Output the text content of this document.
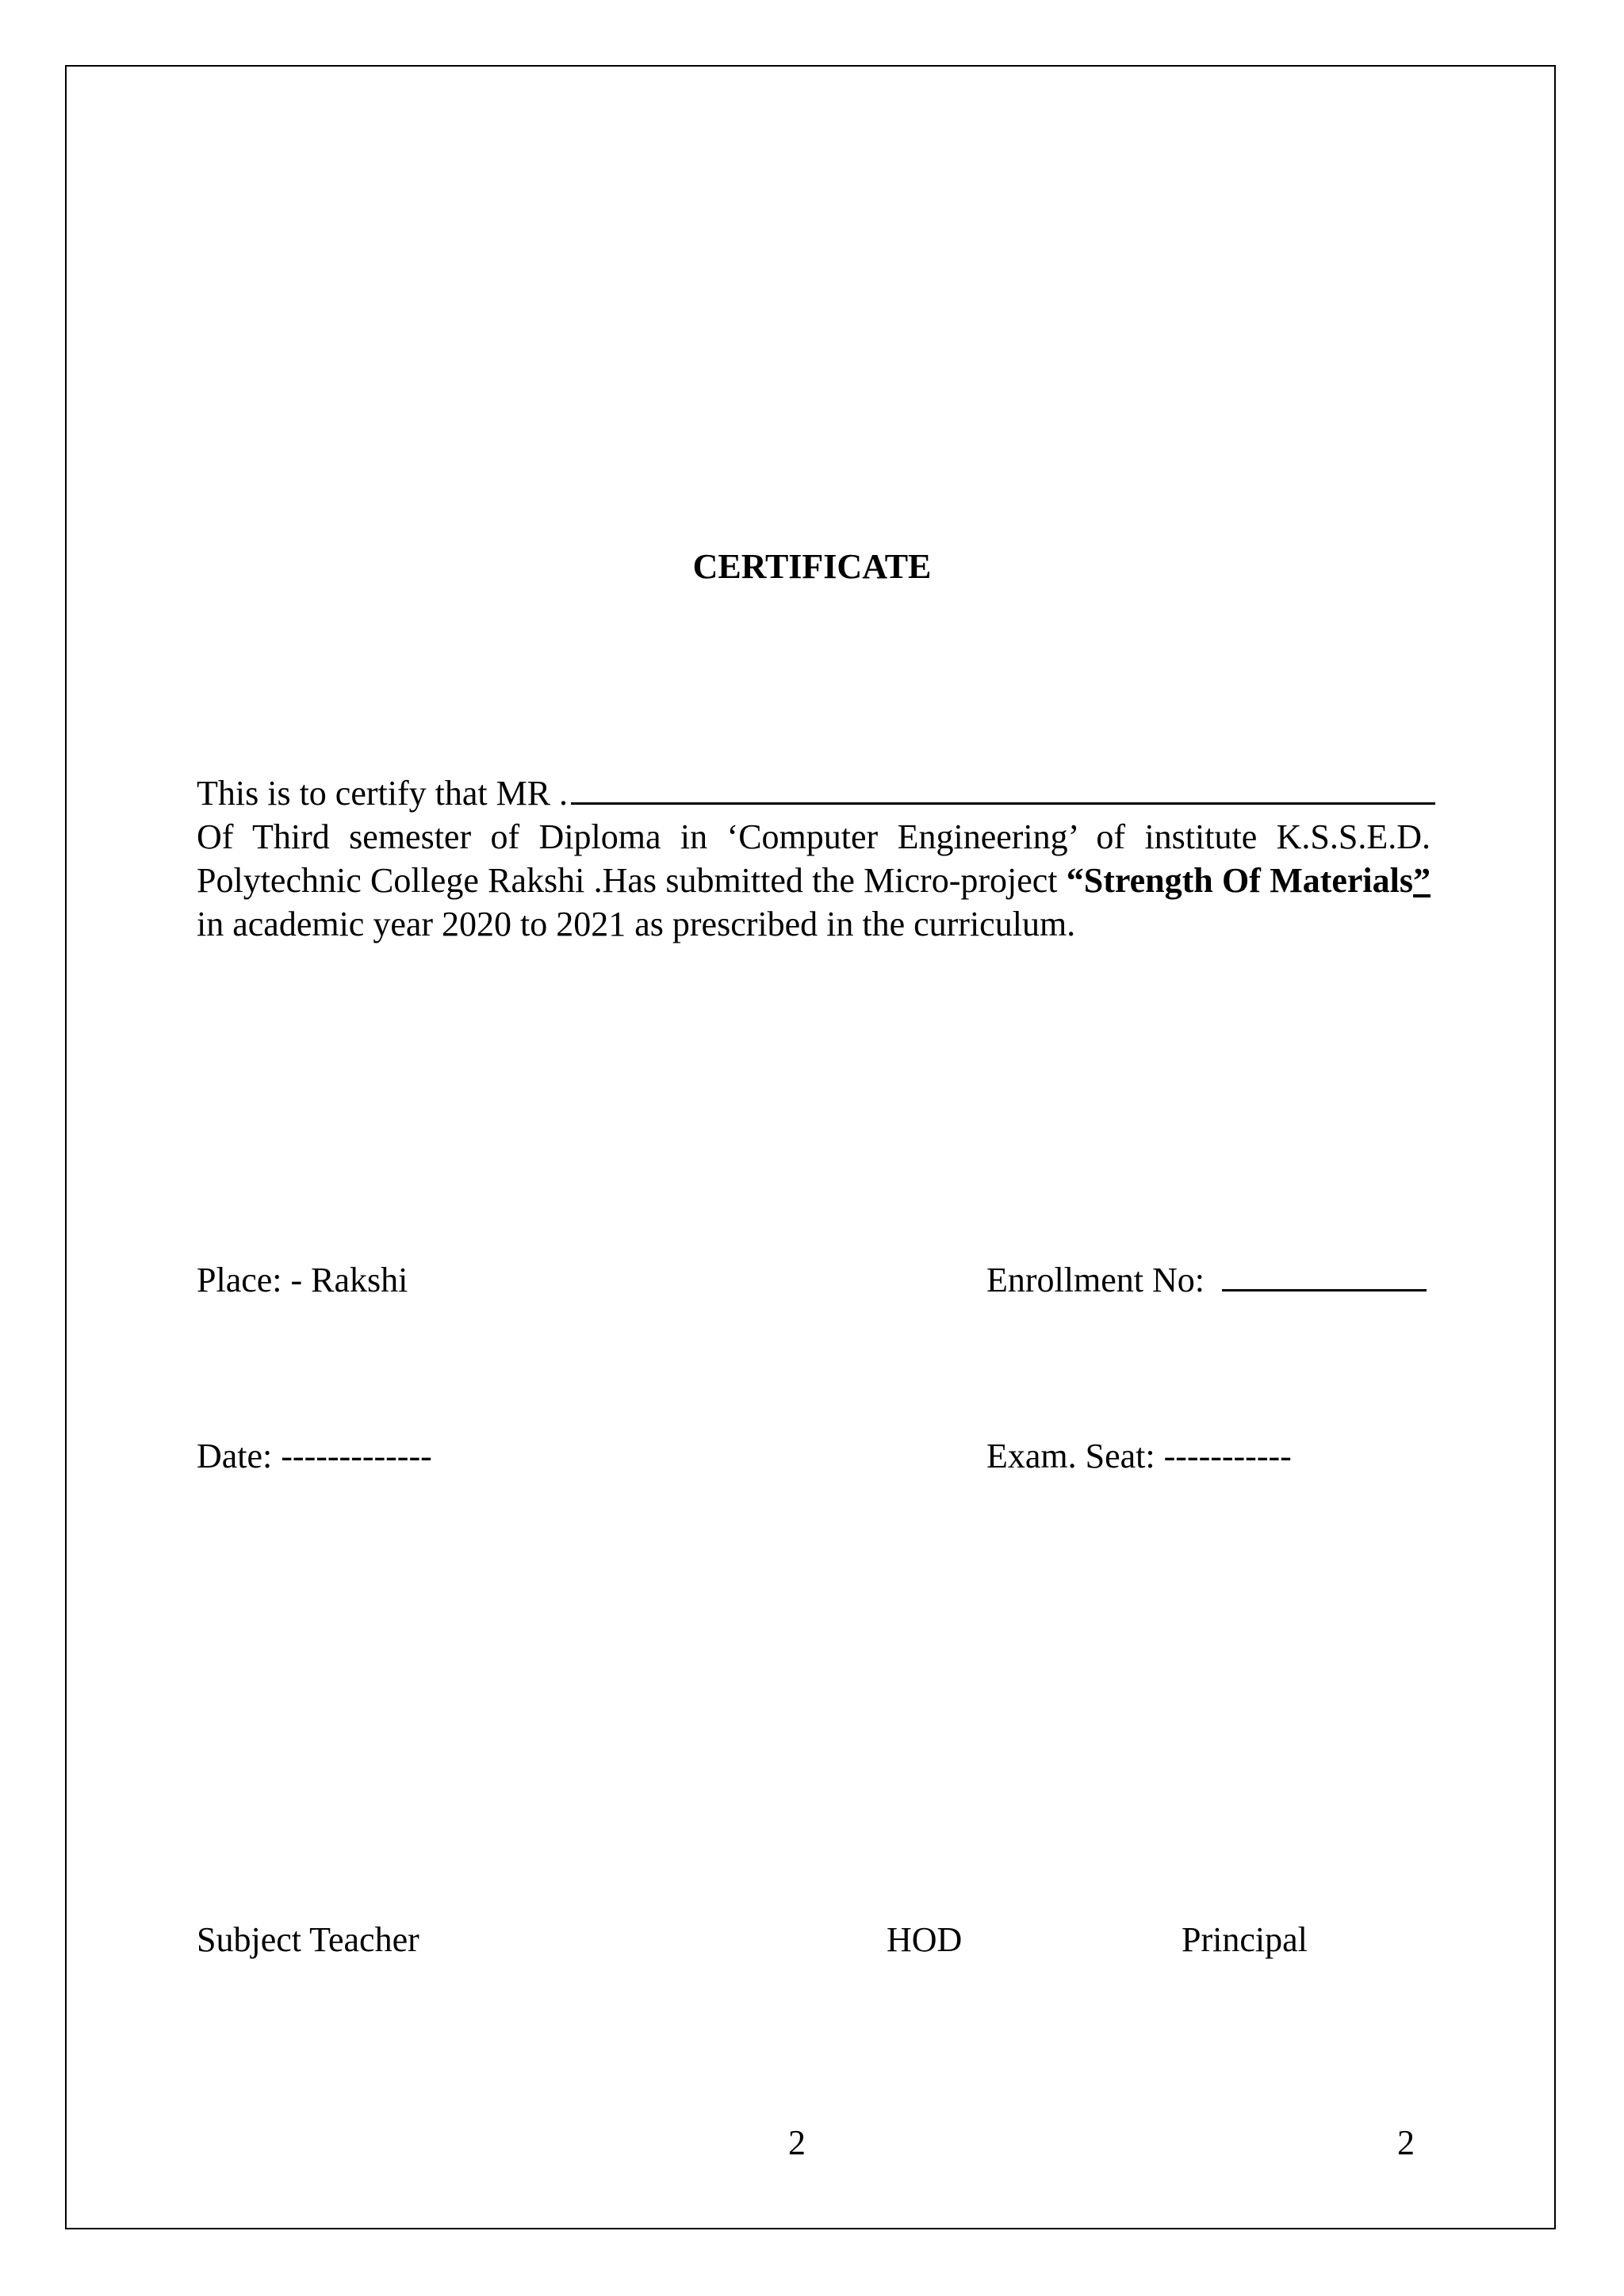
CERTIFICATE
This is to certify that MR .
Of Third semester of Diploma in ‘Computer Engineering’ of institute K.S.S.E.D. Polytechnic College Rakshi .Has submitted the Micro-project “Strength Of Materials” in academic year 2020 to 2021 as prescribed in the curriculum.
Place: - Rakshi	Enrollment No:
Date: -------------	Exam. Seat: -----------
Subject Teacher	HOD	Principal
2	2
